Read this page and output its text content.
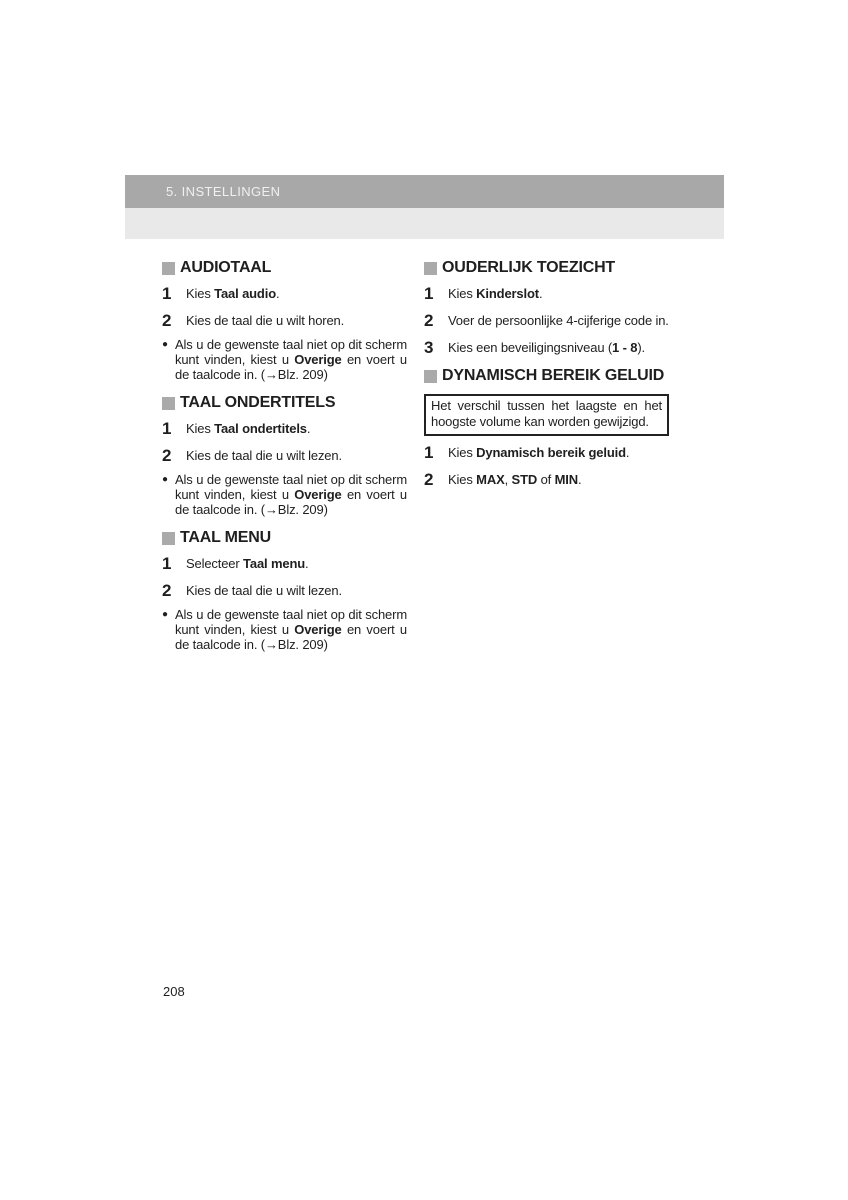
5. INSTELLINGEN
AUDIOTAAL
1	Kies Taal audio.
2	Kies de taal die u wilt horen.
● Als u de gewenste taal niet op dit scherm kunt vinden, kiest u Overige en voert u de taalcode in. (→Blz. 209)
TAAL ONDERTITELS
1	Kies Taal ondertitels.
2	Kies de taal die u wilt lezen.
● Als u de gewenste taal niet op dit scherm kunt vinden, kiest u Overige en voert u de taalcode in. (→Blz. 209)
TAAL MENU
1	Selecteer Taal menu.
2	Kies de taal die u wilt lezen.
● Als u de gewenste taal niet op dit scherm kunt vinden, kiest u Overige en voert u de taalcode in. (→Blz. 209)
OUDERLIJK TOEZICHT
1	Kies Kinderslot.
2	Voer de persoonlijke 4-cijferige code in.
3	Kies een beveiligingsniveau (1 - 8).
DYNAMISCH BEREIK GELUID
Het verschil tussen het laagste en het hoogste volume kan worden gewijzigd.
1	Kies Dynamisch bereik geluid.
2	Kies MAX, STD of MIN.
208
